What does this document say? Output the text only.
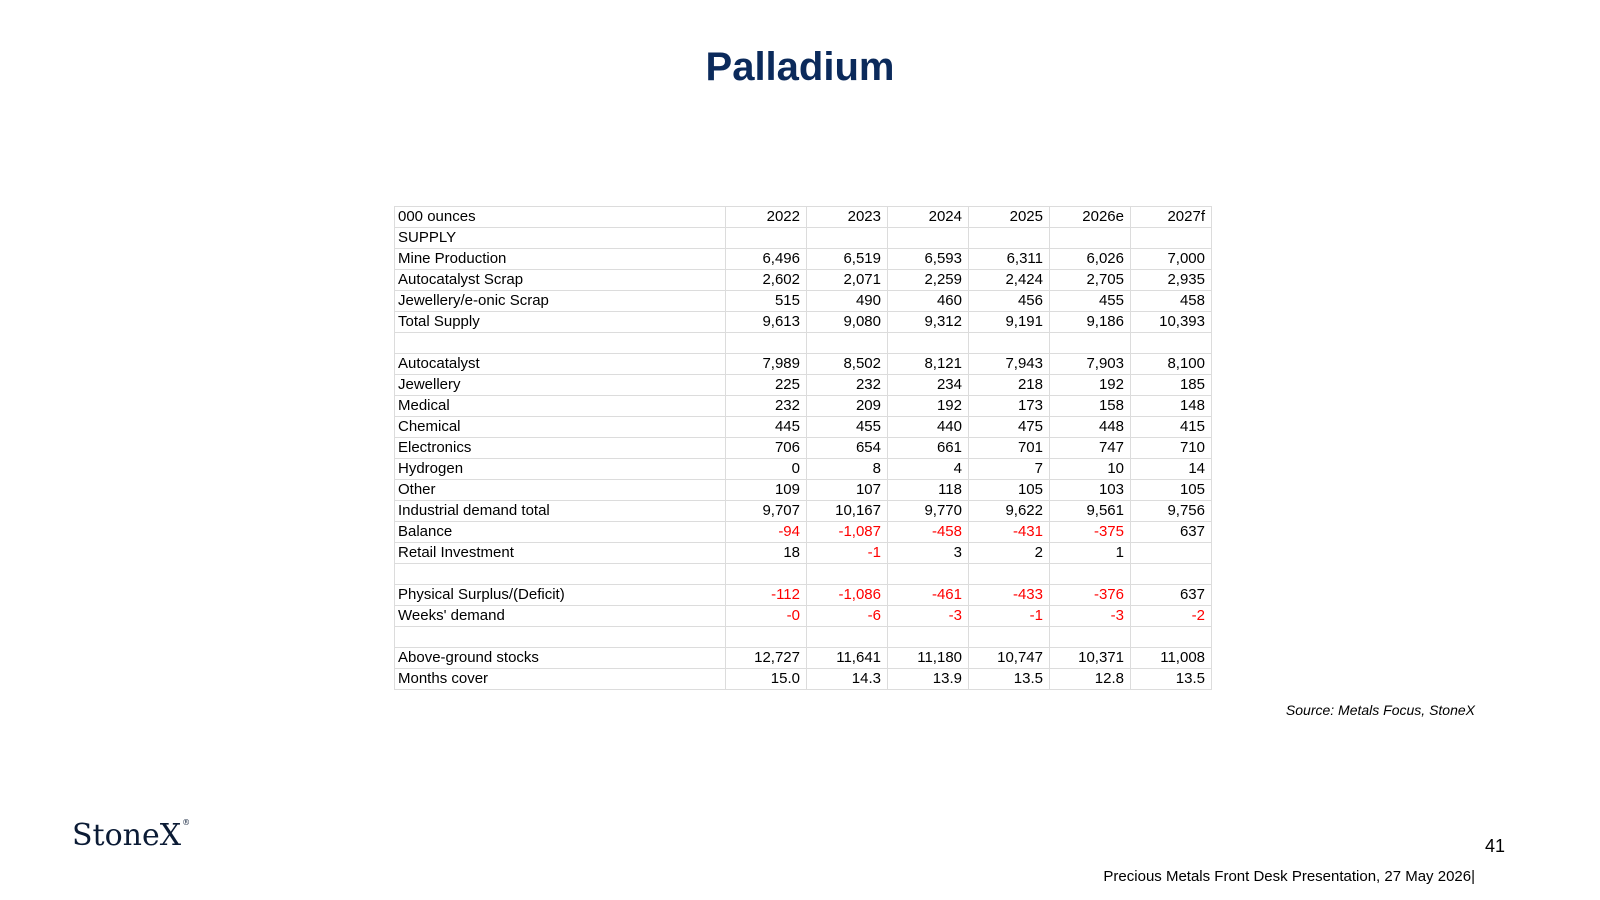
Palladium
000 ounces	2022	2023	2024	2025	2026e	2027f
SUPPLY						
Mine Production	6,496	6,519	6,593	6,311	6,026	7,000
Autocatalyst Scrap	2,602	2,071	2,259	2,424	2,705	2,935
Jewellery/e-onic Scrap	515	490	460	456	455	458
Total Supply	9,613	9,080	9,312	9,191	9,186	10,393

Autocatalyst	7,989	8,502	8,121	7,943	7,903	8,100
Jewellery	225	232	234	218	192	185
Medical	232	209	192	173	158	148
Chemical	445	455	440	475	448	415
Electronics	706	654	661	701	747	710
Hydrogen	0	8	4	7	10	14
Other	109	107	118	105	103	105
Industrial demand total	9,707	10,167	9,770	9,622	9,561	9,756
Balance	-94	-1,087	-458	-431	-375	637
Retail Investment	18	-1	3	2	1	

Physical Surplus/(Deficit)	-112	-1,086	-461	-433	-376	637
Weeks' demand	-0	-6	-3	-1	-3	-2

Above-ground stocks	12,727	11,641	11,180	10,747	10,371	11,008
Months cover	15.0	14.3	13.9	13.5	12.8	13.5
Source: Metals Focus, StoneX
StoneX®
41
Precious Metals Front Desk Presentation, 27 May 2026|
